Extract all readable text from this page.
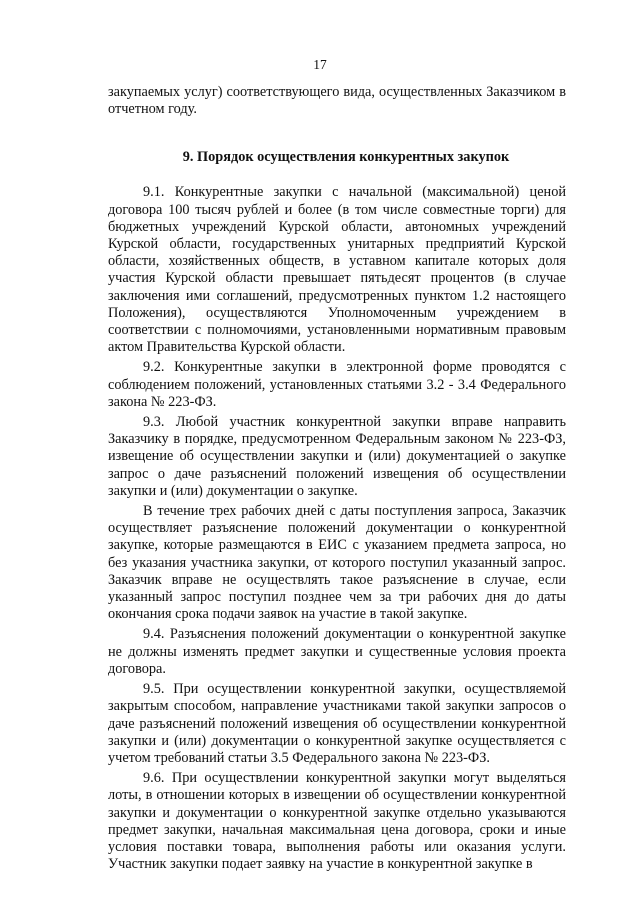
17

закупаемых услуг) соответствующего вида, осуществленных Заказчиком в отчетном году.

9. Порядок осуществления конкурентных закупок

9.1. Конкурентные закупки с начальной (максимальной) ценой договора 100 тысяч рублей и более (в том числе совместные торги) для бюджетных учреждений Курской области, автономных учреждений Курской области, государственных унитарных предприятий Курской области, хозяйственных обществ, в уставном капитале которых доля участия Курской области превышает пятьдесят процентов (в случае заключения ими соглашений, предусмотренных пунктом 1.2 настоящего Положения), осуществляются Уполномоченным учреждением в соответствии с полномочиями, установленными нормативным правовым актом Правительства Курской области.

9.2. Конкурентные закупки в электронной форме проводятся с соблюдением положений, установленных статьями 3.2 - 3.4 Федерального закона № 223-ФЗ.

9.3. Любой участник конкурентной закупки вправе направить Заказчику в порядке, предусмотренном Федеральным законом № 223-ФЗ, извещение об осуществлении закупки и (или) документацией о закупке запрос о даче разъяснений положений извещения об осуществлении закупки и (или) документации о закупке.

В течение трех рабочих дней с даты поступления запроса, Заказчик осуществляет разъяснение положений документации о конкурентной закупке, которые размещаются в ЕИС с указанием предмета запроса, но без указания участника закупки, от которого поступил указанный запрос. Заказчик вправе не осуществлять такое разъяснение в случае, если указанный запрос поступил позднее чем за три рабочих дня до даты окончания срока подачи заявок на участие в такой закупке.

9.4. Разъяснения положений документации о конкурентной закупке не должны изменять предмет закупки и существенные условия проекта договора.

9.5. При осуществлении конкурентной закупки, осуществляемой закрытым способом, направление участниками такой закупки запросов о даче разъяснений положений извещения об осуществлении конкурентной закупки и (или) документации о конкурентной закупке осуществляется с учетом требований статьи 3.5 Федерального закона № 223-ФЗ.

9.6. При осуществлении конкурентной закупки могут выделяться лоты, в отношении которых в извещении об осуществлении конкурентной закупки и документации о конкурентной закупке отдельно указываются предмет закупки, начальная максимальная цена договора, сроки и иные условия поставки товара, выполнения работы или оказания услуги. Участник закупки подает заявку на участие в конкурентной закупке в
